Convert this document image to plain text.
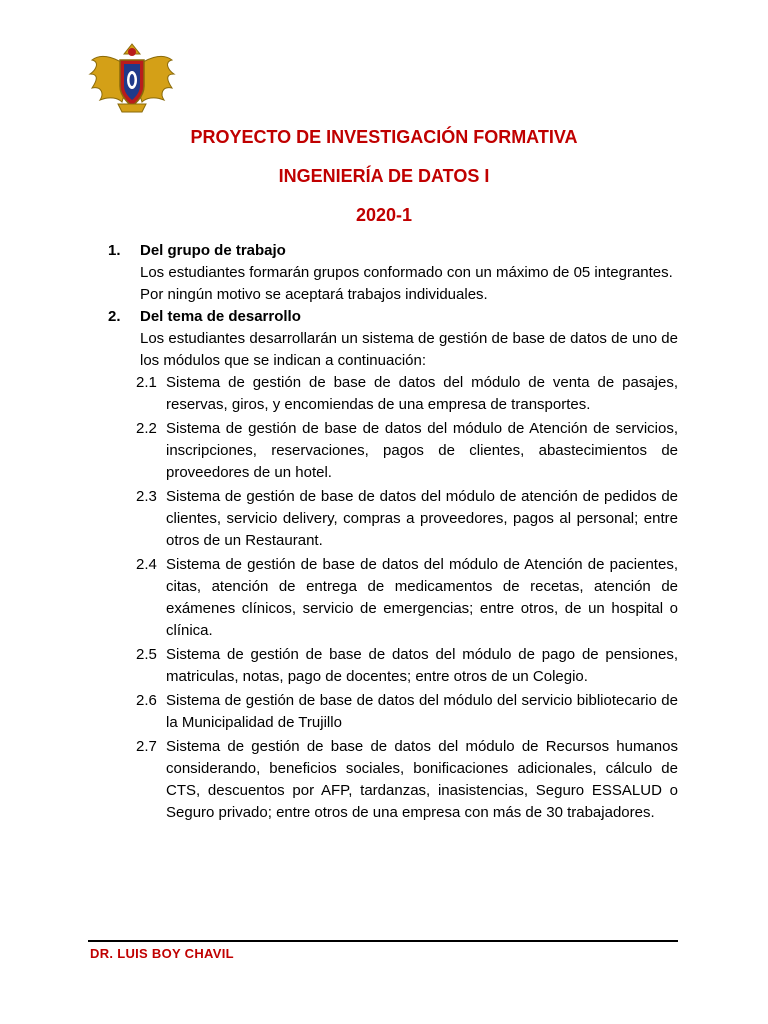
PROYECTO DE INVESTIGACIÓN FORMATIVA
INGENIERÍA DE DATOS I
2020-1
1. Del grupo de trabajo
Los estudiantes formarán grupos conformado con un máximo de 05 integrantes.
Por ningún motivo se aceptará trabajos individuales.
2. Del tema de desarrollo
Los estudiantes desarrollarán un sistema de gestión de base de datos de uno de los módulos que se indican a continuación:
2.1 Sistema de gestión de base de datos del módulo de venta de pasajes, reservas, giros, y encomiendas de una empresa de transportes.
2.2 Sistema de gestión de base de datos del módulo de Atención de servicios, inscripciones, reservaciones, pagos de clientes, abastecimientos de proveedores de un hotel.
2.3 Sistema de gestión de base de datos del módulo de atención de pedidos de clientes, servicio delivery, compras a proveedores, pagos al personal; entre otros de un Restaurant.
2.4 Sistema de gestión de base de datos del módulo de Atención de pacientes, citas, atención de entrega de medicamentos de recetas, atención de exámenes clínicos, servicio de emergencias; entre otros, de un hospital o clínica.
2.5 Sistema de gestión de base de datos del módulo de pago de pensiones, matriculas, notas, pago de docentes; entre otros de un Colegio.
2.6 Sistema de gestión de base de datos del módulo del servicio bibliotecario de la Municipalidad de Trujillo
2.7 Sistema de gestión de base de datos del módulo de Recursos humanos considerando, beneficios sociales, bonificaciones adicionales, cálculo de CTS, descuentos por AFP, tardanzas, inasistencias, Seguro ESSALUD o Seguro privado; entre otros de una empresa con más de 30 trabajadores.
DR. LUIS BOY CHAVIL
